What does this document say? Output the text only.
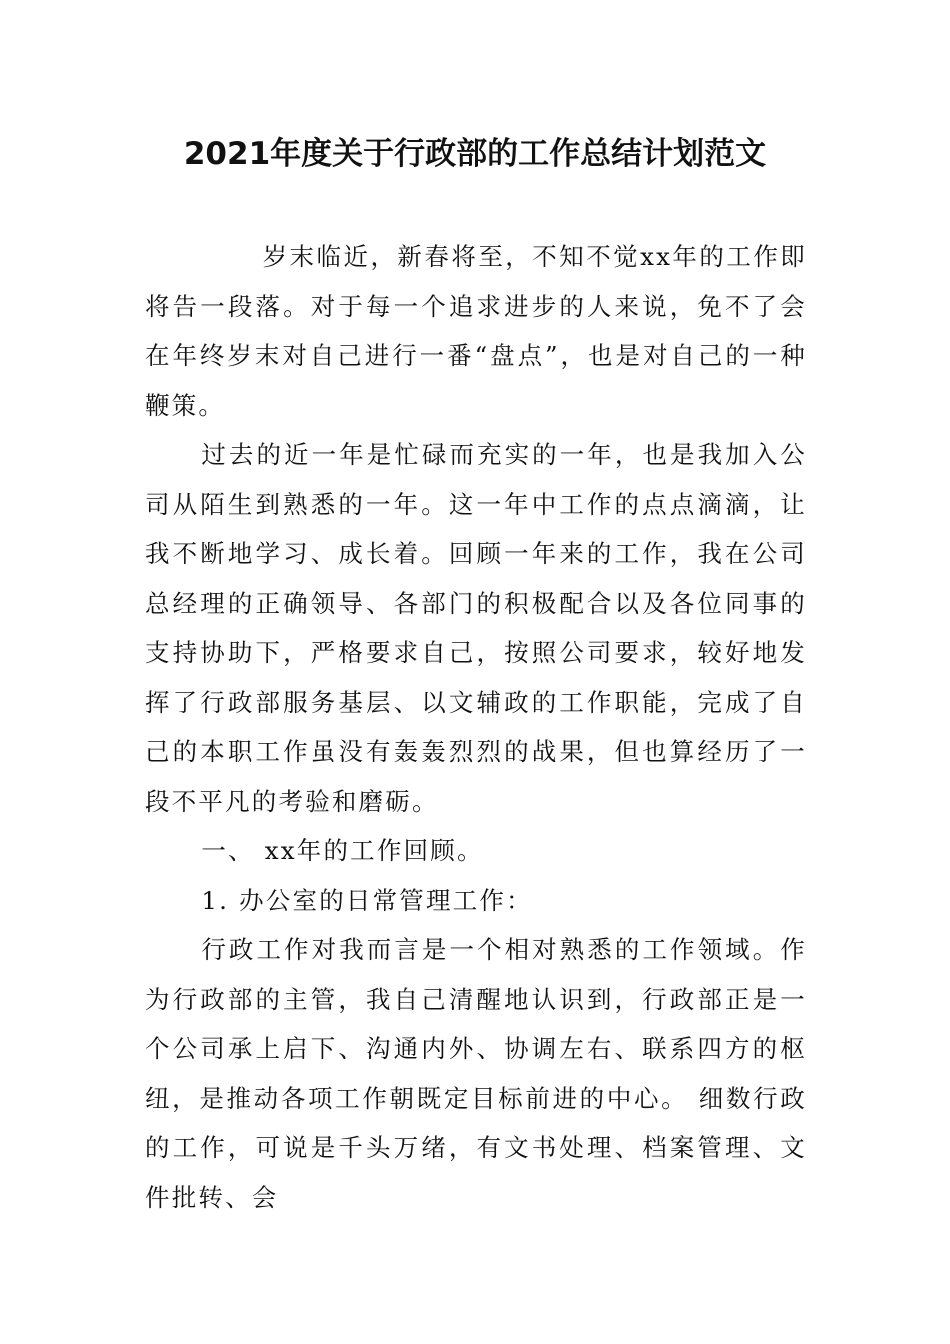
2021年度关于行政部的工作总结计划范文

岁末临近，新春将至，不知不觉xx年的工作即将告一段落。对于每一个追求进步的人来说，免不了会在年终岁末对自己进行一番“盘点”，也是对自己的一种鞭策。

过去的近一年是忙碌而充实的一年，也是我加入公司从陌生到熟悉的一年。这一年中工作的点点滴滴，让我不断地学习、成长着。回顾一年来的工作，我在公司总经理的正确领导、各部门的积极配合以及各位同事的支持协助下，严格要求自己，按照公司要求，较好地发挥了行政部服务基层、以文辅政的工作职能，完成了自己的本职工作虽没有轰轰烈烈的战果，但也算经历了一段不平凡的考验和磨砺。

一、 xx年的工作回顾。

1. 办公室的日常管理工作：

行政工作对我而言是一个相对熟悉的工作领域。作为行政部的主管，我自己清醒地认识到，行政部正是一个公司承上启下、沟通内外、协调左右、联系四方的枢纽，是推动各项工作朝既定目标前进的中心。 细数行政的工作，可说是千头万绪，有文书处理、档案管理、文件批转、会
